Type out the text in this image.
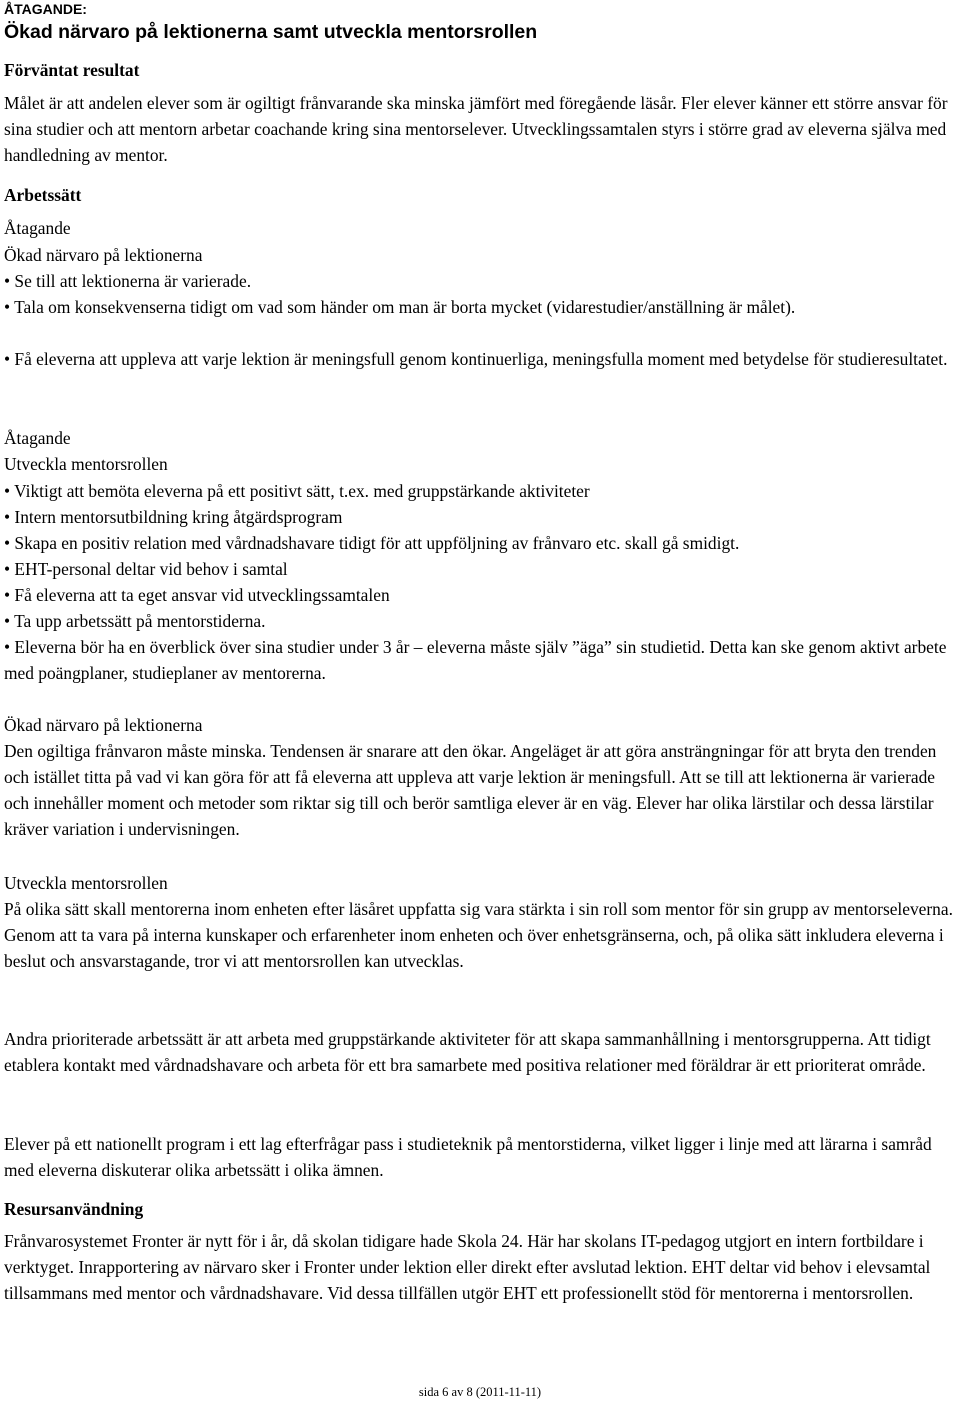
ÅTAGANDE:
Ökad närvaro på lektionerna samt utveckla mentorsrollen
Förväntat resultat
Målet är att andelen elever som är ogiltigt frånvarande ska minska jämfört med föregående läsår. Fler elever känner ett större ansvar för sina studier och att mentorn arbetar coachande kring sina mentorselever. Utvecklingssamtalen styrs i större grad av eleverna själva med handledning av mentor.
Arbetssätt
Åtagande
Ökad närvaro på lektionerna
• Se till att lektionerna är varierade.
• Tala om konsekvenserna tidigt om vad som händer om man är borta mycket (vidarestudier/anställning är målet).
• Få eleverna att uppleva att varje lektion är meningsfull genom kontinuerliga, meningsfulla moment med betydelse för studieresultatet.
Åtagande
Utveckla mentorsrollen
• Viktigt att bemöta eleverna på ett positivt sätt, t.ex. med gruppstärkande aktiviteter
• Intern mentorsutbildning kring åtgärdsprogram
• Skapa en positiv relation med vårdnadshavare tidigt för att uppföljning av frånvaro etc. skall gå smidigt.
• EHT-personal deltar vid behov i samtal
• Få eleverna att ta eget ansvar vid utvecklingssamtalen
• Ta upp arbetssätt på mentorstiderna.
• Eleverna bör ha en överblick över sina studier under 3 år – eleverna måste själv ”äga” sin studietid. Detta kan ske genom aktivt arbete med poängplaner, studieplaner av mentorerna.
Ökad närvaro på lektionerna
Den ogiltiga frånvaron måste minska. Tendensen är snarare att den ökar. Angeläget är att göra ansträngningar för att bryta den trenden och istället titta på vad vi kan göra för att få eleverna att uppleva att varje lektion är meningsfull. Att se till att lektionerna är varierade och innehåller moment och metoder som riktar sig till och berör samtliga elever är en väg. Elever har olika lärstilar och dessa lärstilar kräver variation i undervisningen.
Utveckla mentorsrollen
På olika sätt skall mentorerna inom enheten efter läsåret uppfatta sig vara stärkta i sin roll som mentor för sin grupp av mentorseleverna. Genom att ta vara på interna kunskaper och erfarenheter inom enheten och över enhetsgränserna, och, på olika sätt inkludera eleverna i beslut och ansvarstagande, tror vi att mentorsrollen kan utvecklas.
Andra prioriterade arbetssätt är att arbeta med gruppstärkande aktiviteter för att skapa sammanhållning i mentorsgrupperna. Att tidigt etablera kontakt med vårdnadshavare och arbeta för ett bra samarbete med positiva relationer med föräldrar är ett prioriterat område.
Elever på ett nationellt program i ett lag efterfrågar pass i studieteknik på mentorstiderna, vilket ligger i linje med att lärarna i samråd med eleverna diskuterar olika arbetssätt i olika ämnen.
Resursanvändning
Frånvarosystemet Fronter är nytt för i år, då skolan tidigare hade Skola 24. Här har skolans IT-pedagog utgjort en intern fortbildare i verktyget. Inrapportering av närvaro sker i Fronter under lektion eller direkt efter avslutad lektion. EHT deltar vid behov i elevsamtal tillsammans med mentor och vårdnadshavare. Vid dessa tillfällen utgör EHT ett professionellt stöd för mentorerna i mentorsrollen.
sida 6 av 8 (2011-11-11)
